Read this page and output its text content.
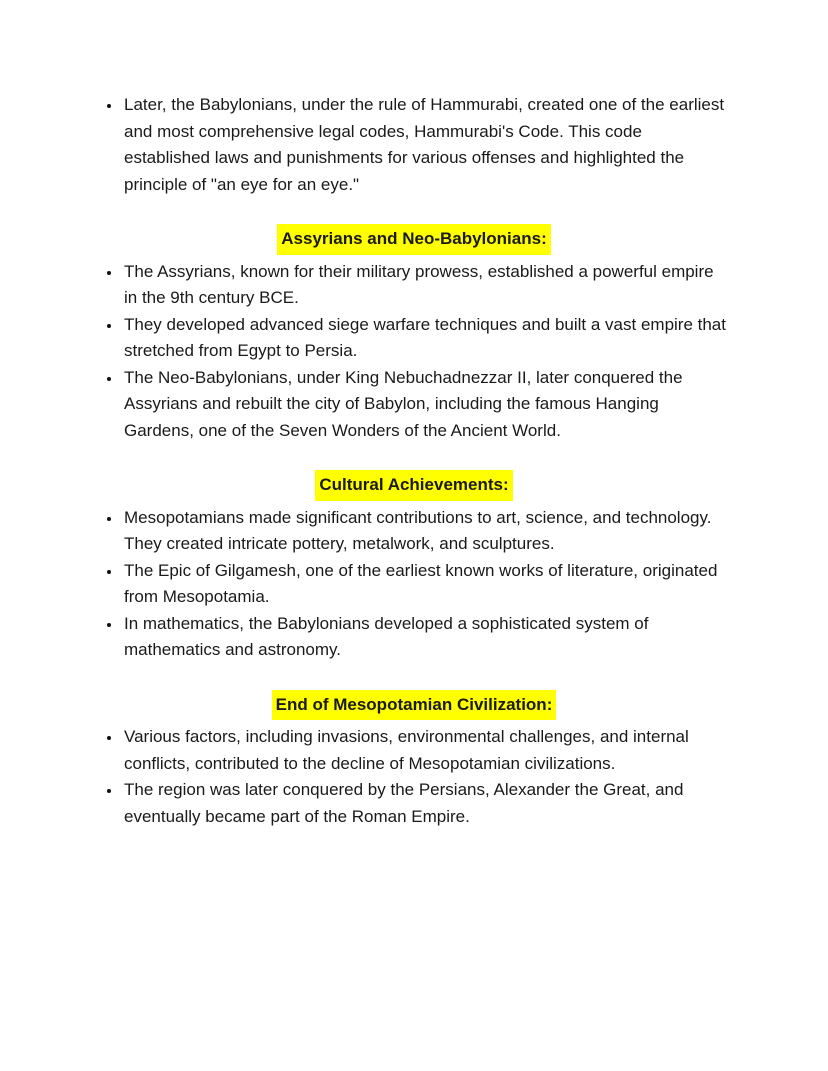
• Later, the Babylonians, under the rule of Hammurabi, created one of the earliest and most comprehensive legal codes, Hammurabi's Code. This code established laws and punishments for various offenses and highlighted the principle of "an eye for an eye."
Assyrians and Neo-Babylonians:
• The Assyrians, known for their military prowess, established a powerful empire in the 9th century BCE.
• They developed advanced siege warfare techniques and built a vast empire that stretched from Egypt to Persia.
• The Neo-Babylonians, under King Nebuchadnezzar II, later conquered the Assyrians and rebuilt the city of Babylon, including the famous Hanging Gardens, one of the Seven Wonders of the Ancient World.
Cultural Achievements:
• Mesopotamians made significant contributions to art, science, and technology. They created intricate pottery, metalwork, and sculptures.
• The Epic of Gilgamesh, one of the earliest known works of literature, originated from Mesopotamia.
• In mathematics, the Babylonians developed a sophisticated system of mathematics and astronomy.
End of Mesopotamian Civilization:
• Various factors, including invasions, environmental challenges, and internal conflicts, contributed to the decline of Mesopotamian civilizations.
• The region was later conquered by the Persians, Alexander the Great, and eventually became part of the Roman Empire.
